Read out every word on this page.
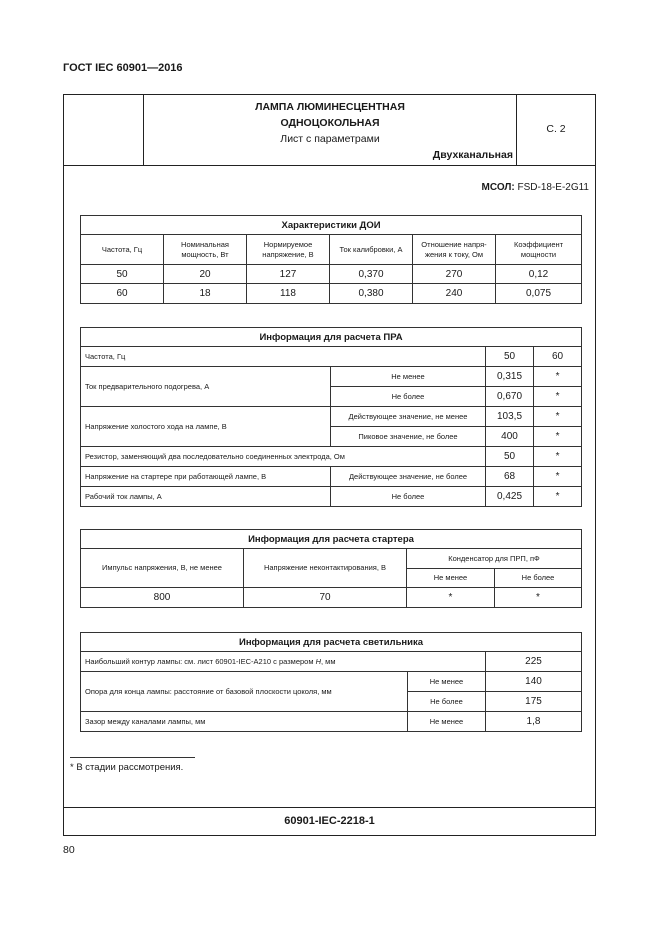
ГОСТ IEC 60901—2016
ЛАМПА ЛЮМИНЕСЦЕНТНАЯ
ОДНОЦОКОЛЬНАЯ
Лист с параметрами
Двухканальная
С. 2
МСОЛ: FSD-18-E-2G11
60901-IEC-2218-1
Характеристики ДОИ					
Частота, Гц	Номинальная мощность, Вт	Нормируемое напряжение, В	Ток калибровки, А	Отношение напря- жения к току, Ом	Коэффициент мощности
50	20	127	0,370	270	0,12
60	18	118	0,380	240	0,075
Информация для расчета ПРА			
Частота, Гц		50	60
Ток предварительного подогрева, А	Не менее	0,315	*
	Не более	0,670	*
Напряжение холостого хода на лампе, В	Действующее значение, не менее	103,5	*
	Пиковое значение, не более	400	*
Резистор, заменяющий два последовательно соединенных электрода, Ом		50	*
Напряжение на стартере при работающей лампе, В	Действующее значение, не более	68	*
Рабочий ток лампы, А	Не более	0,425	*
Информация для расчета стартера			
Импульс напряжения, В, не менее	Напряжение неконтактирования, В	Конденсатор для ПРП, пФ	
		Не менее	Не более
800	70	*	*
Информация для расчета светильника		
Наибольший контур лампы: см. лист 60901-IEC-A210 с размером H, мм		225
Опора для конца лампы: расстояние от базовой плоскости цоколя, мм	Не менее	140
	Не более	175
Зазор между каналами лампы, мм	Не менее	1,8
* В стадии рассмотрения.
80
